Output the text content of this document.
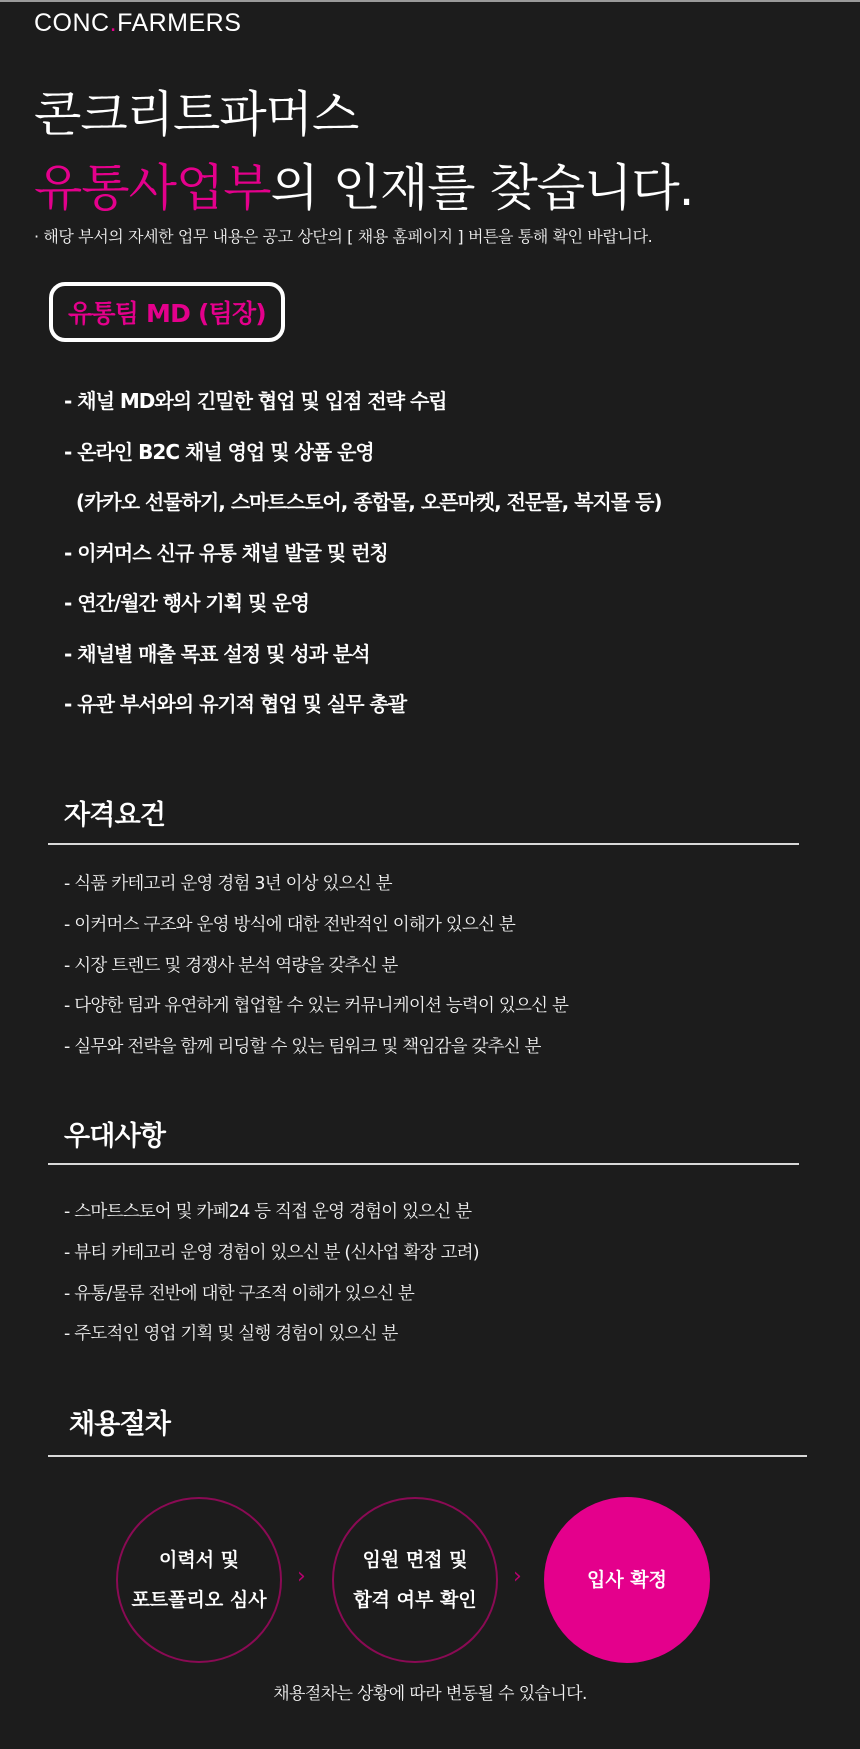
CONC.FARMERS
콘크리트파머스
유통사업부의 인재를 찾습니다.
· 해당 부서의 자세한 업무 내용은 공고 상단의 [ 채용 홈페이지 ] 버튼을 통해 확인 바랍니다.
유통팀 MD (팀장)
- 채널 MD와의 긴밀한 협업 및 입점 전략 수립
- 온라인 B2C 채널 영업 및 상품 운영
(카카오 선물하기, 스마트스토어, 종합몰, 오픈마켓, 전문몰, 복지몰 등)
- 이커머스 신규 유통 채널 발굴 및 런칭
- 연간/월간 행사 기획 및 운영
- 채널별 매출 목표 설정 및 성과 분석
- 유관 부서와의 유기적 협업 및 실무 총괄
자격요건
- 식품 카테고리 운영 경험 3년 이상 있으신 분
- 이커머스 구조와 운영 방식에 대한 전반적인 이해가 있으신 분
- 시장 트렌드 및 경쟁사 분석 역량을 갖추신 분
- 다양한 팀과 유연하게 협업할 수 있는 커뮤니케이션 능력이 있으신 분
- 실무와 전략을 함께 리딩할 수 있는 팀워크 및 책임감을 갖추신 분
우대사항
- 스마트스토어 및 카페24 등 직접 운영 경험이 있으신 분
- 뷰티 카테고리 운영 경험이 있으신 분 (신사업 확장 고려)
- 유통/물류 전반에 대한 구조적 이해가 있으신 분
- 주도적인 영업 기획 및 실행 경험이 있으신 분
채용절차
이력서 및
포트폴리오 심사
›
임원 면접 및
합격 여부 확인
›	입사 확정
채용절차는 상황에 따라 변동될 수 있습니다.
